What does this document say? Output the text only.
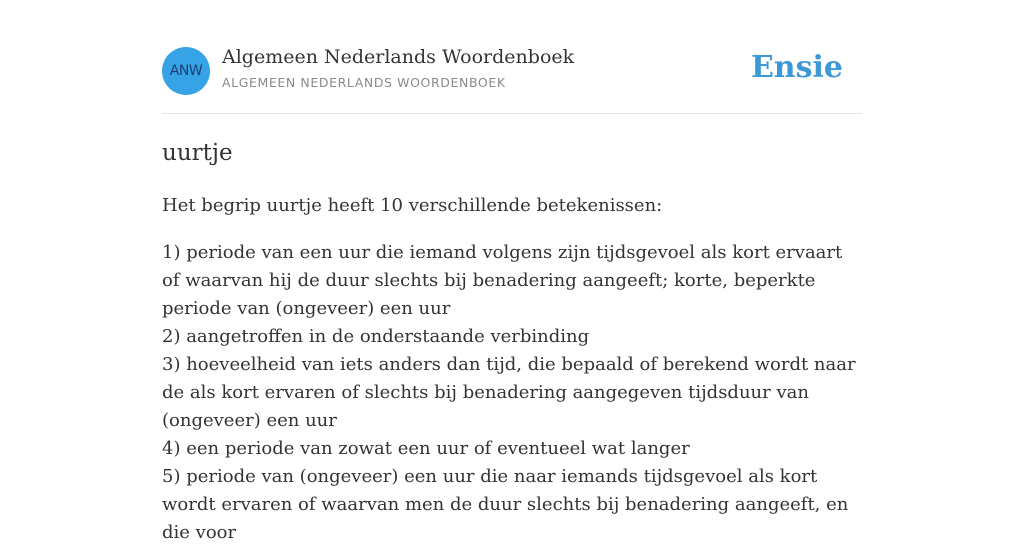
ANW
Algemeen Nederlands Woordenboek
ALGEMEEN NEDERLANDS WOORDENBOEK	Ensie
uurtje

Het begrip uurtje heeft 10 verschillende betekenissen:

1) periode van een uur die iemand volgens zijn tijdsgevoel als kort ervaart of waarvan hij de duur slechts bij benadering aangeeft; korte, beperkte periode van (ongeveer) een uur
2) aangetroffen in de onderstaande verbinding
3) hoeveelheid van iets anders dan tijd, die bepaald of berekend wordt naar de als kort ervaren of slechts bij benadering aangegeven tijdsduur van (ongeveer) een uur
4) een periode van zowat een uur of eventueel wat langer
5) periode van (ongeveer) een uur die naar iemands tijdsgevoel als kort wordt ervaren of waarvan men de duur slechts bij benadering aangeeft, en die voor
